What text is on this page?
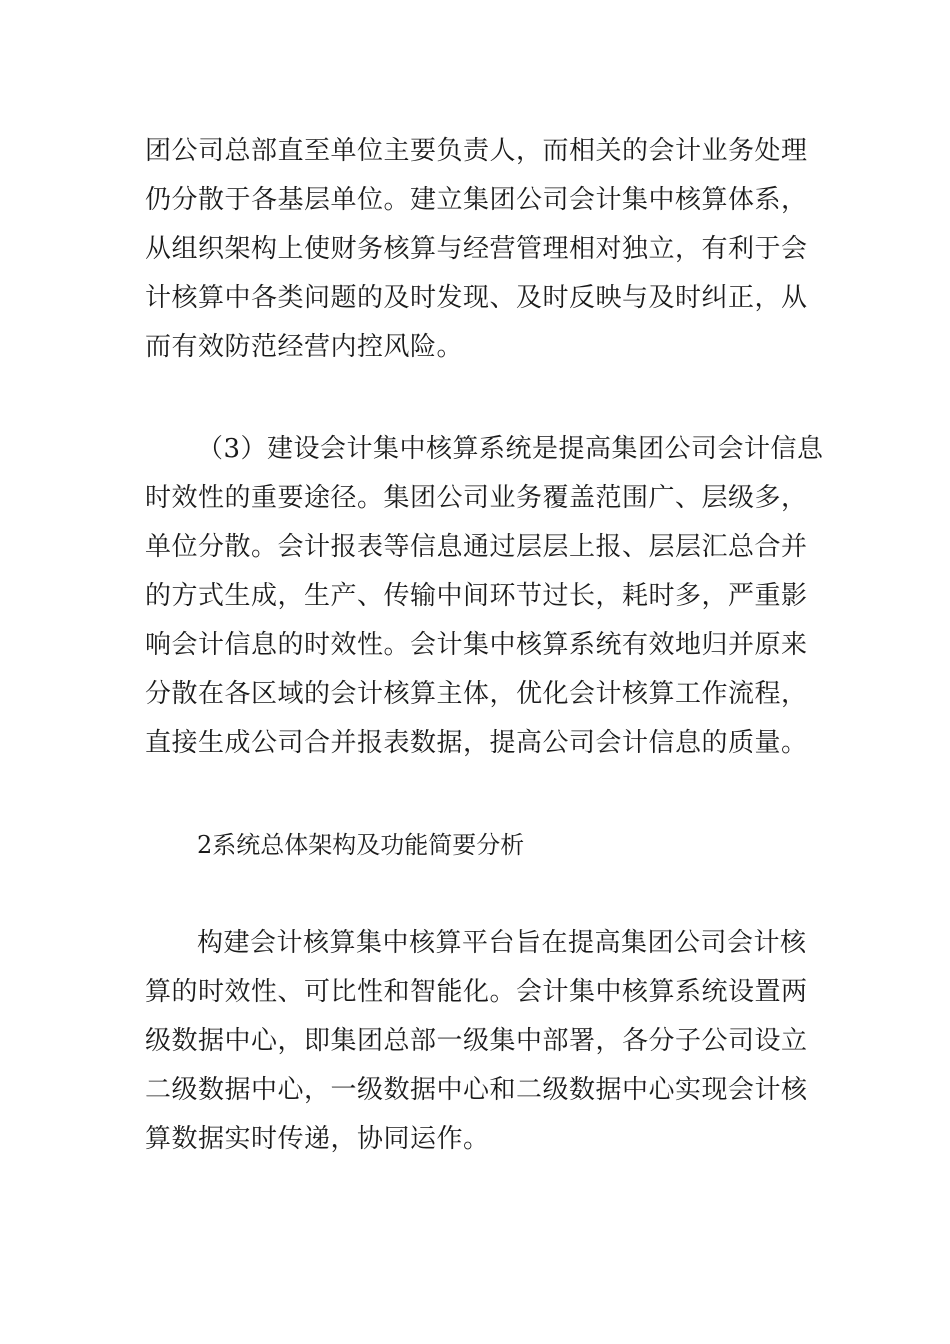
团公司总部直至单位主要负责人，而相关的会计业务处理
仍分散于各基层单位。建立集团公司会计集中核算体系，
从组织架构上使财务核算与经营管理相对独立，有利于会
计核算中各类问题的及时发现、及时反映与及时纠正，从
而有效防范经营内控风险。
（3）建设会计集中核算系统是提高集团公司会计信息
时效性的重要途径。集团公司业务覆盖范围广、层级多，
单位分散。会计报表等信息通过层层上报、层层汇总合并
的方式生成，生产、传输中间环节过长，耗时多，严重影
响会计信息的时效性。会计集中核算系统有效地归并原来
分散在各区域的会计核算主体，优化会计核算工作流程，
直接生成公司合并报表数据，提高公司会计信息的质量。
2系统总体架构及功能简要分析
构建会计核算集中核算平台旨在提高集团公司会计核
算的时效性、可比性和智能化。会计集中核算系统设置两
级数据中心，即集团总部一级集中部署，各分子公司设立
二级数据中心，一级数据中心和二级数据中心实现会计核
算数据实时传递，协同运作。
